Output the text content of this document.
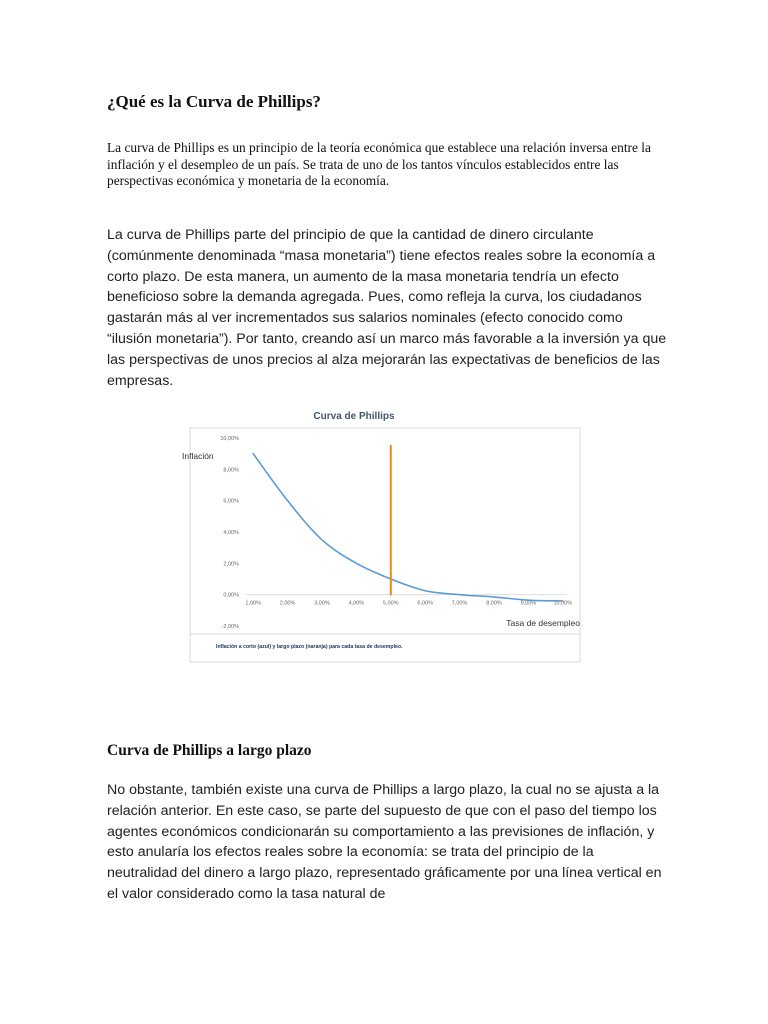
¿Qué es la Curva de Phillips?

La curva de Phillips es un principio de la teoría económica que establece una relación inversa entre la inflación y el desempleo de un país. Se trata de uno de los tantos vínculos establecidos entre las perspectivas económica y monetaria de la economía.

La curva de Phillips parte del principio de que la cantidad de dinero circulante (comúnmente denominada “masa monetaria”) tiene efectos reales sobre la economía a corto plazo. De esta manera, un aumento de la masa monetaria tendría un efecto beneficioso sobre la demanda agregada. Pues, como refleja la curva, los ciudadanos gastarán más al ver incrementados sus salarios nominales (efecto conocido como “ilusión monetaria”). Por tanto, creando así un marco más favorable a la inversión ya que las perspectivas de unos precios al alza mejorarán las expectativas de beneficios de las empresas.

Curva de Phillips
Inflación
Tasa de desempleo
Inflación a corto (azul) y largo plazo (naranja) para cada tasa de desempleo.
-2,00%
0,00%
2,00%
4,00%
6,00%
8,00%
10,00%
1,00%	2,00%	3,00%	4,00%	5,00%	6,00%	7,00%	8,00%	9,00%	10,00%
Curva de Phillips a largo plazo

No obstante, también existe una curva de Phillips a largo plazo, la cual no se ajusta a la relación anterior. En este caso, se parte del supuesto de que con el paso del tiempo los agentes económicos condicionarán su comportamiento a las previsiones de inflación, y esto anularía los efectos reales sobre la economía: se trata del principio de la neutralidad del dinero a largo plazo, representado gráficamente por una línea vertical en el valor considerado como la tasa natural de
